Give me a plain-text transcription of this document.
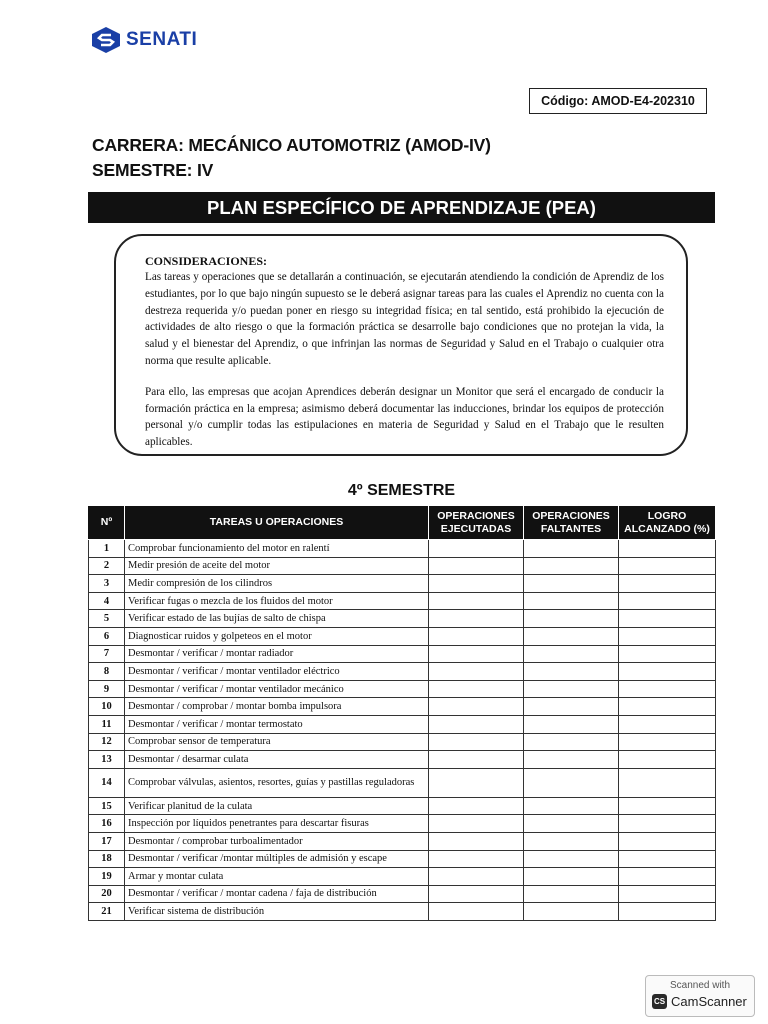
SENATI
Código: AMOD-E4-202310
CARRERA: MECÁNICO AUTOMOTRIZ (AMOD-IV)
SEMESTRE: IV
PLAN ESPECÍFICO DE APRENDIZAJE (PEA)
CONSIDERACIONES:

Las tareas y operaciones que se detallarán a continuación, se ejecutarán atendiendo la condición de Aprendiz de los estudiantes, por lo que bajo ningún supuesto se le deberá asignar tareas para las cuales el Aprendiz no cuenta con la destreza requerida y/o puedan poner en riesgo su integridad física; en tal sentido, está prohibido la ejecución de actividades de alto riesgo o que la formación práctica se desarrolle bajo condiciones que no protejan la vida, la salud y el bienestar del Aprendiz, o que infrinjan las normas de Seguridad y Salud en el Trabajo o cualquier otra norma que resulte aplicable.

Para ello, las empresas que acojan Aprendices deberán designar un Monitor que será el encargado de conducir la formación práctica en la empresa; asimismo deberá documentar las inducciones, brindar los equipos de protección personal y/o cumplir todas las estipulaciones en materia de Seguridad y Salud en el Trabajo que le resulten aplicables.

4º SEMESTRE
Nº	TAREAS U OPERACIONES	OPERACIONES EJECUTADAS	OPERACIONES FALTANTES	LOGRO ALCANZADO (%)
1	Comprobar funcionamiento del motor en ralentí			
2	Medir presión de aceite del motor			
3	Medir compresión de los cilindros			
4	Verificar fugas o mezcla de los fluidos del motor			
5	Verificar estado de las bujías de salto de chispa			
6	Diagnosticar ruidos y golpeteos en el motor			
7	Desmontar / verificar / montar radiador			
8	Desmontar / verificar / montar ventilador eléctrico			
9	Desmontar / verificar / montar ventilador mecánico			
10	Desmontar / comprobar / montar bomba impulsora			
11	Desmontar / verificar / montar termostato			
12	Comprobar sensor de temperatura			
13	Desmontar / desarmar culata			
14	Comprobar válvulas, asientos, resortes, guías y pastillas reguladoras			
15	Verificar planitud de la culata			
16	Inspección por líquidos penetrantes para descartar fisuras			
17	Desmontar / comprobar turboalimentador			
18	Desmontar / verificar /montar múltiples de admisión y escape			
19	Armar y montar culata			
20	Desmontar / verificar / montar cadena / faja de distribución			
21	Verificar sistema de distribución			
Scanned with
CS CamScanner
